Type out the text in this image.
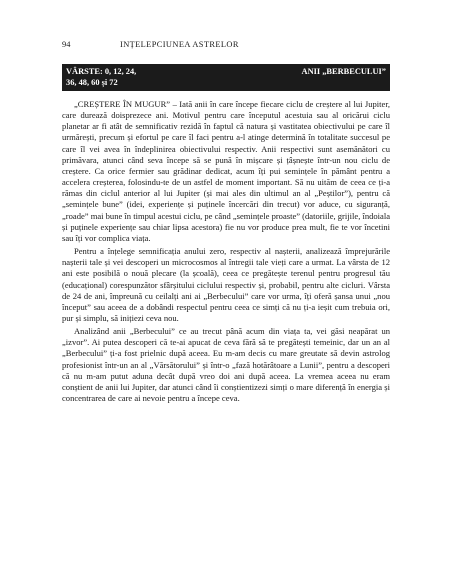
94	INȚELEPCIUNEA ASTRELOR
VÂRSTE: 0, 12, 24,	ANII „BERBECULUI”
36, 48, 60 și 72

„CREȘTERE ÎN MUGUR” – Iată anii în care începe fiecare ciclu de creștere al lui Jupiter, care durează doisprezece ani. Motivul pentru care începutul acestuia sau al oricărui ciclu planetar ar fi atât de semnificativ rezidă în faptul că natura și vastitatea obiectivului pe care îl urmărești, precum și efortul pe care îl faci pentru a-l atinge determină în totalitate succesul pe care îl vei avea în îndeplinirea obiectivului respectiv. Anii respectivi sunt asemănători cu primăvara, atunci când seva începe să se pună în mișcare și țâșnește într-un nou ciclu de creștere. Ca orice fermier sau grădinar dedicat, acum îți pui semințele în pământ pentru a accelera creșterea, folosindu-te de un astfel de moment important. Să nu uităm de ceea ce ți-a rămas din ciclul anterior al lui Jupiter (și mai ales din ultimul an al „Peștilor”), pentru că „semințele bune” (idei, experiențe și puținele încercări din trecut) vor aduce, cu siguranță, „roade” mai bune în timpul acestui ciclu, pe când „semințele proaste” (datoriile, grijile, îndoiala și puținele experiențe sau chiar lipsa acestora) fie nu vor produce prea mult, fie te vor încetini sau îți vor complica viața.

Pentru a înțelege semnificația anului zero, respectiv al nașterii, analizează împrejurările nașterii tale și vei descoperi un microcosmos al întregii tale vieți care a urmat. La vârsta de 12 ani este posibilă o nouă plecare (la școală), ceea ce pregătește terenul pentru progresul tău (educațional) corespunzător sfârșitului ciclului respectiv și, probabil, pentru alte cicluri. Vârsta de 24 de ani, împreună cu ceilalți ani ai „Berbecului” care vor urma, îți oferă șansa unui „nou început” sau aceea de a dobândi respectul pentru ceea ce simți că nu ți-a ieșit cum trebuia ori, pur și simplu, să inițiezi ceva nou.

Analizând anii „Berbecului” ce au trecut până acum din viața ta, vei găsi neapărat un „izvor”. Ai putea descoperi că te-ai apucat de ceva fără să te pregătești temeinic, dar un an al „Berbecului” ți-a fost prielnic după aceea. Eu m-am decis cu mare greutate să devin astrolog profesionist într-un an al „Vărsătorului” și într-o „fază hotărâtoare a Lunii”, pentru a descoperi că nu m-am putut aduna decât după vreo doi ani după aceea. La vremea aceea nu eram conștient de anii lui Jupiter, dar atunci când îi conștientizezi simți o mare diferență în energia și concentrarea de care ai nevoie pentru a începe ceva.
